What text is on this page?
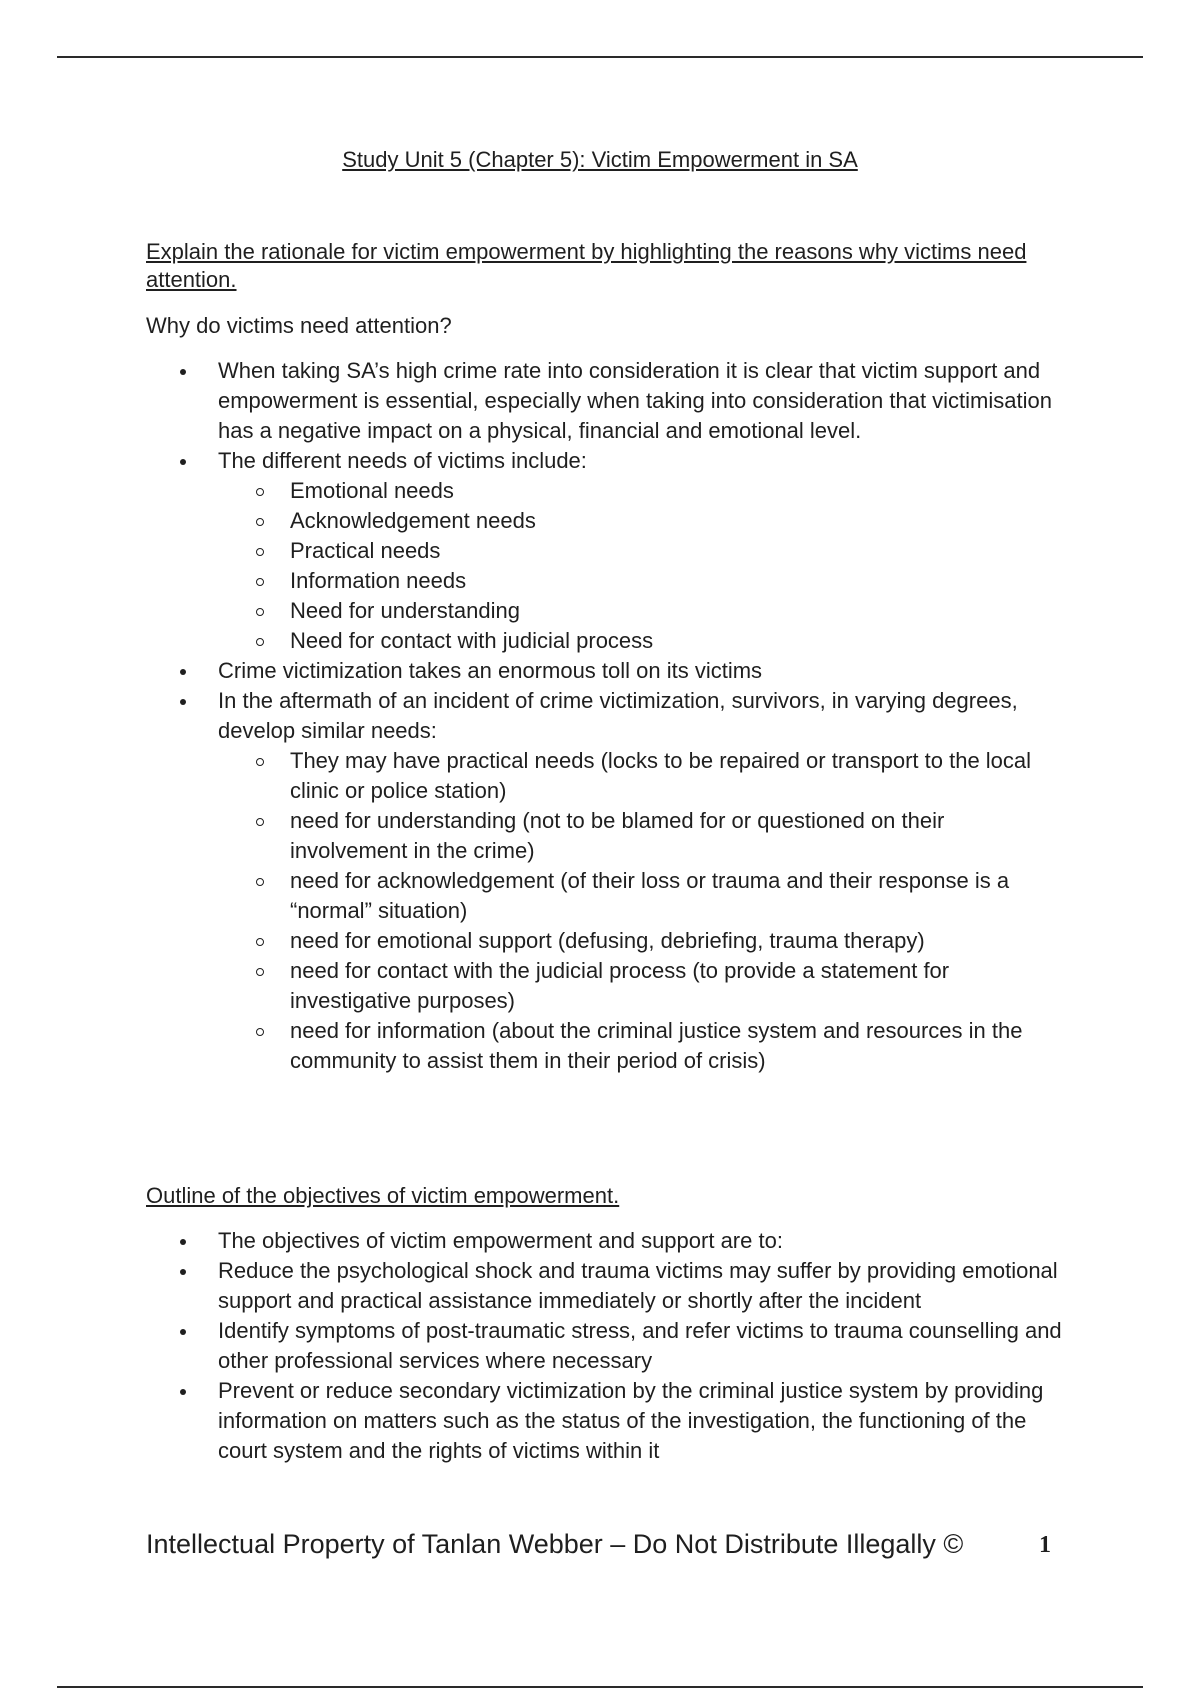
Study Unit 5 (Chapter 5): Victim Empowerment in SA

Explain the rationale for victim empowerment by highlighting the reasons why victims need attention.

Why do victims need attention?

When taking SA’s high crime rate into consideration it is clear that victim support and empowerment is essential, especially when taking into consideration that victimisation has a negative impact on a physical, financial and emotional level.
The different needs of victims include:
Emotional needs
Acknowledgement needs
Practical needs
Information needs
Need for understanding
Need for contact with judicial process
Crime victimization takes an enormous toll on its victims
In the aftermath of an incident of crime victimization, survivors, in varying degrees, develop similar needs:
They may have practical needs (locks to be repaired or transport to the local clinic or police station)
need for understanding (not to be blamed for or questioned on their involvement in the crime)
need for acknowledgement (of their loss or trauma and their response is a “normal” situation)
need for emotional support (defusing, debriefing, trauma therapy)
need for contact with the judicial process (to provide a statement for investigative purposes)
need for information (about the criminal justice system and resources in the community to assist them in their period of crisis)

Outline of the objectives of victim empowerment.

The objectives of victim empowerment and support are to:
Reduce the psychological shock and trauma victims may suffer by providing emotional support and practical assistance immediately or shortly after the incident
Identify symptoms of post-traumatic stress, and refer victims to trauma counselling and other professional services where necessary
Prevent or reduce secondary victimization by the criminal justice system by providing information on matters such as the status of the investigation, the functioning of the court system and the rights of victims within it
Intellectual Property of Tanlan Webber – Do Not Distribute Illegally ©	1
